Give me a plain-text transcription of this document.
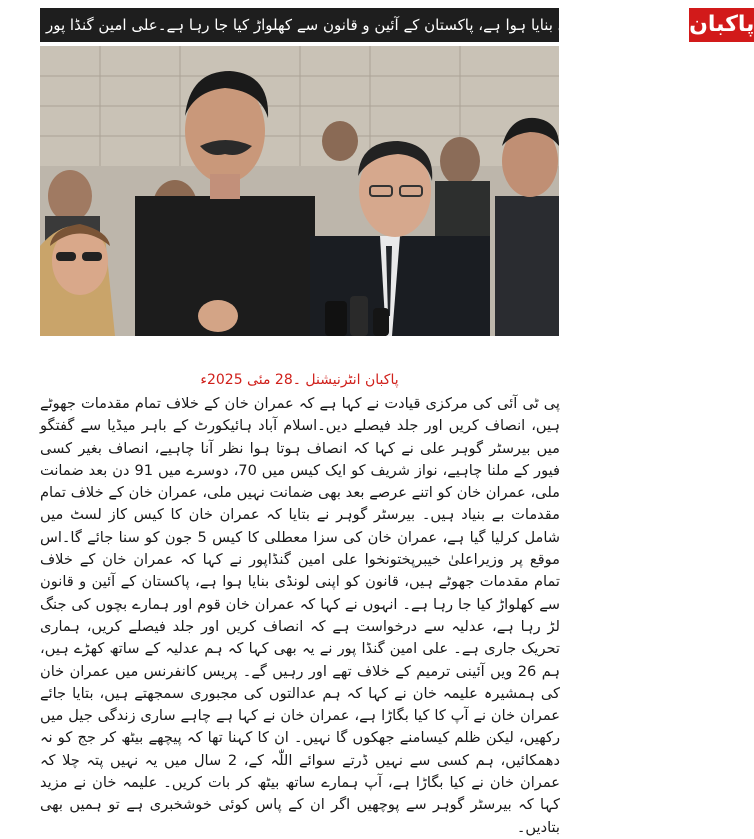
قانون کو اپنی لونڈی بنایا ہوا ہے، پاکستان کے آئین و قانون سے کھلواڑ کیا جا رہا ہے۔علی امین گنڈا پور پاکبان
پاکبان انٹرنیشنل ۔28 مئی 2025ء
پی ٹی آئی کی مرکزی قیادت نے کہا ہے کہ عمران خان کے خلاف تمام مقدمات جھوٹے ہیں، انصاف کریں اور جلد فیصلے دیں۔اسلام آباد ہائیکورٹ کے باہر میڈیا سے گفتگو میں بیرسٹر گوہر علی نے کہا کہ انصاف ہوتا ہوا نظر آنا چاہیے، انصاف بغیر کسی فیور کے ملنا چاہیے، نواز شریف کو ایک کیس میں 70، دوسرے میں 91 دن بعد ضمانت ملی، عمران خان کو اتنے عرصے بعد بھی ضمانت نہیں ملی، عمران خان کے خلاف تمام مقدمات بے بنیاد ہیں۔ بیرسٹر گوہر نے بتایا کہ عمران خان کا کیس کاز لسٹ میں شامل کرلیا گیا ہے، عمران خان کی سزا معطلی کا کیس 5 جون کو سنا جائے گا۔اس موقع پر وزیراعلیٰ خیبرپختونخوا علی امین گنڈاپور نے کہا کہ عمران خان کے خلاف تمام مقدمات جھوٹے ہیں، قانون کو اپنی لونڈی بنایا ہوا ہے، پاکستان کے آئین و قانون سے کھلواڑ کیا جا رہا ہے۔ انہوں نے کہا کہ عمران خان قوم اور ہمارے بچوں کی جنگ لڑ رہا ہے، عدلیہ سے درخواست ہے کہ انصاف کریں اور جلد فیصلے کریں، ہماری تحریک جاری ہے۔ علی امین گنڈا پور نے یہ بھی کہا کہ ہم عدلیہ کے ساتھ کھڑے ہیں، ہم 26 ویں آئینی ترمیم کے خلاف تھے اور رہیں گے۔ پریس کانفرنس میں عمران خان کی ہمشیرہ علیمہ خان نے کہا کہ ہم عدالتوں کی مجبوری سمجھتے ہیں، بتایا جائے عمران خان نے آپ کا کیا بگاڑا ہے، عمران خان نے کہا ہے چاہے ساری زندگی جیل میں رکھیں، لیکن ظلم کیسامنے جھکوں گا نہیں۔ ان کا کہنا تھا کہ پیچھے بیٹھ کر جج کو نہ دھمکائیں، ہم کسی سے نہیں ڈرتے سوائے اللّٰہ کے، 2 سال میں یہ نہیں پتہ چلا کہ عمران خان نے کیا بگاڑا ہے، آپ ہمارے ساتھ بیٹھ کر بات کریں۔ علیمہ خان نے مزید کہا کہ بیرسٹر گوہر سے پوچھیں اگر ان کے پاس کوئی خوشخبری ہے تو ہمیں بھی بتادیں۔
